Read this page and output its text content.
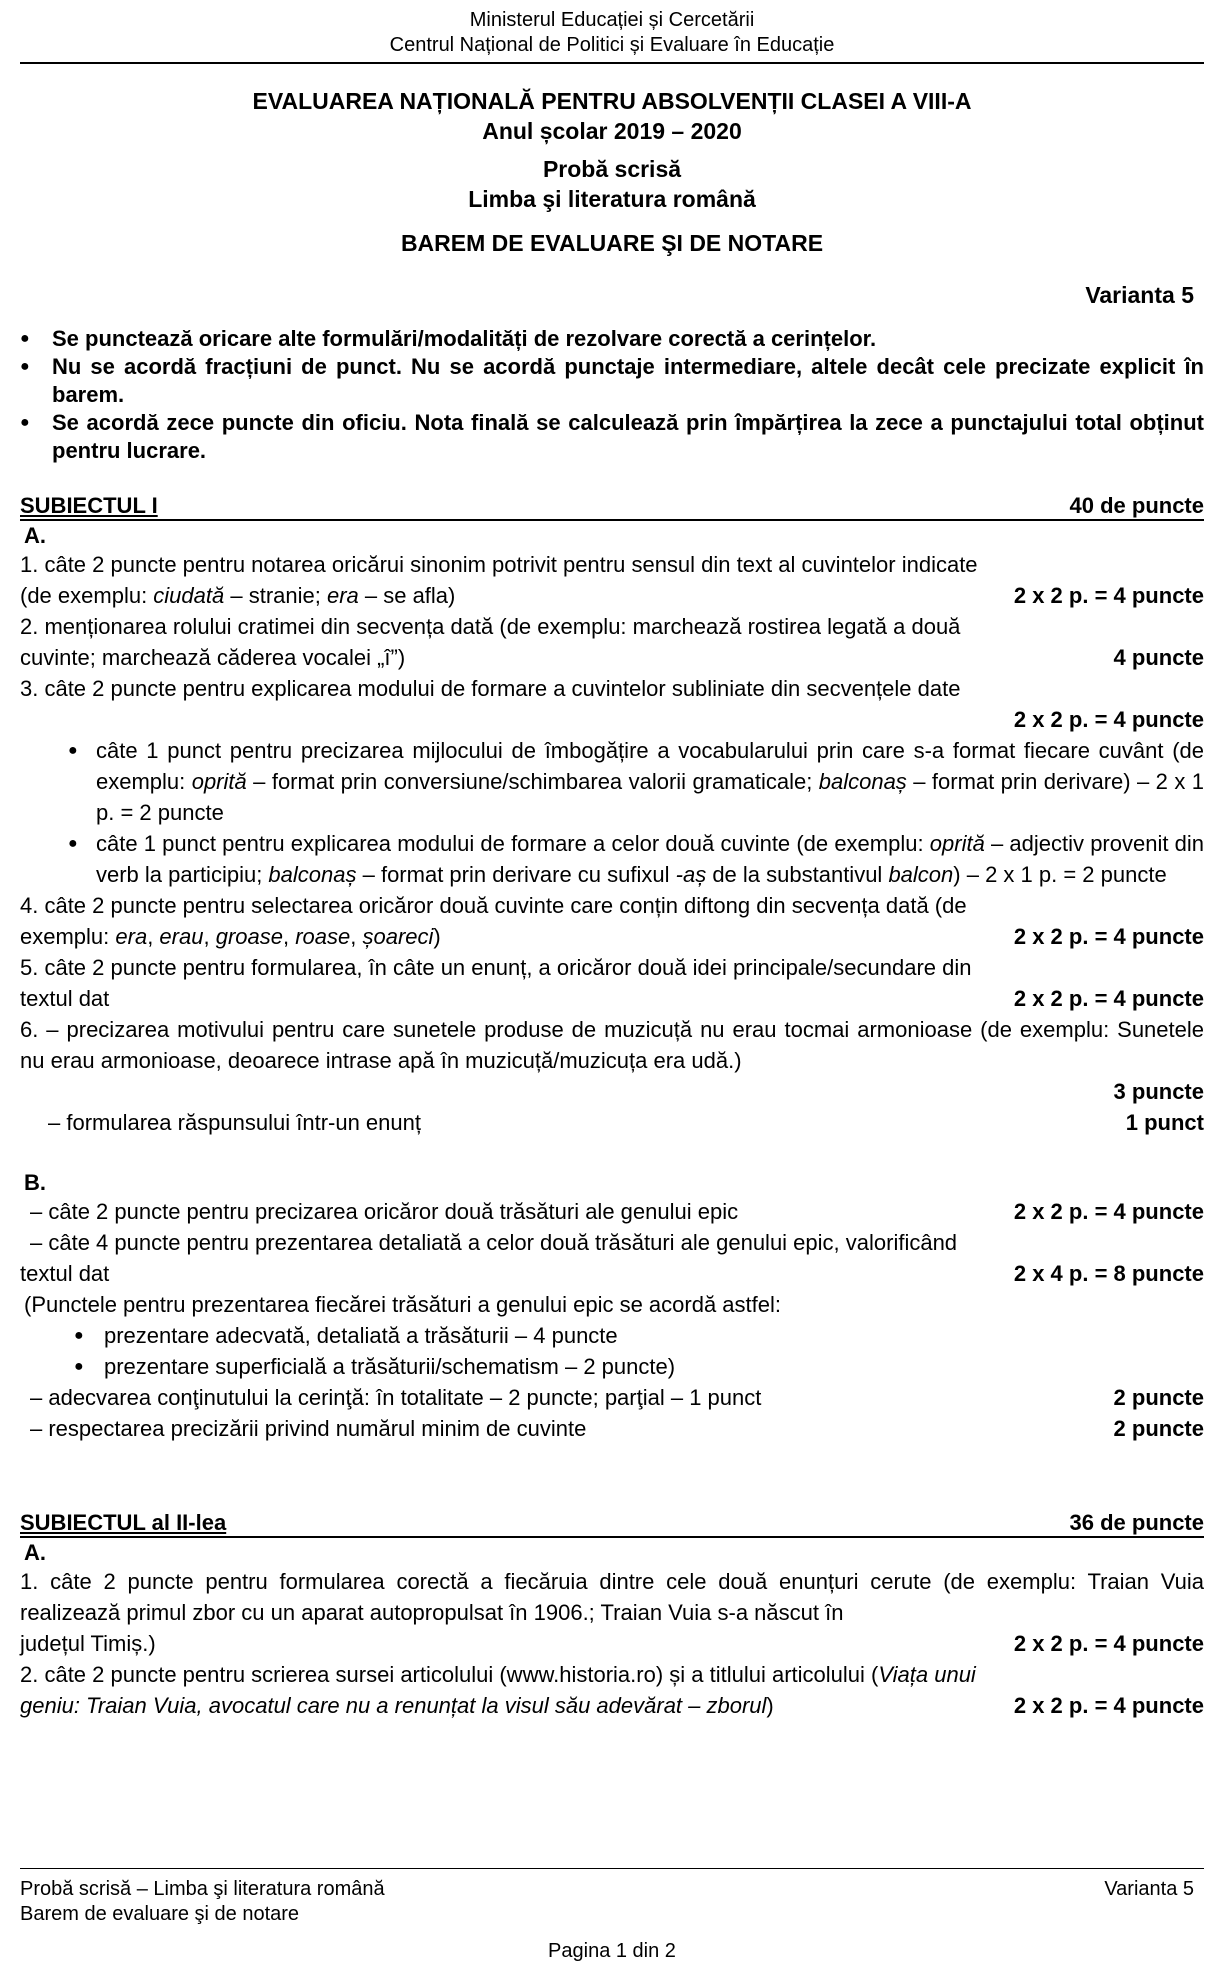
Ministerul Educației și Cercetării
Centrul Național de Politici și Evaluare în Educație
EVALUAREA NAȚIONALĂ PENTRU ABSOLVENȚII CLASEI A VIII-A
Anul școlar 2019 – 2020
Probă scrisă
Limba şi literatura română
BAREM DE EVALUARE ŞI DE NOTARE
Varianta 5
● Se punctează oricare alte formulări/modalități de rezolvare corectă a cerințelor.
● Nu se acordă fracțiuni de punct. Nu se acordă punctaje intermediare, altele decât cele precizate explicit în barem.
● Se acordă zece puncte din oficiu. Nota finală se calculează prin împărțirea la zece a punctajului total obținut pentru lucrare.
SUBIECTUL I	40 de puncte
A.
1. câte 2 puncte pentru notarea oricărui sinonim potrivit pentru sensul din text al cuvintelor indicate
(de exemplu: ciudată – stranie; era – se afla)	2 x 2 p. = 4 puncte
2. menționarea rolului cratimei din secvența dată (de exemplu: marchează rostirea legată a două
cuvinte; marchează căderea vocalei „î”)	4 puncte
3. câte 2 puncte pentru explicarea modului de formare a cuvintelor subliniate din secvențele date
2 x 2 p. = 4 puncte
● câte 1 punct pentru precizarea mijlocului de îmbogățire a vocabularului prin care s-a format fiecare cuvânt (de exemplu: oprită – format prin conversiune/schimbarea valorii gramaticale; balconaș – format prin derivare) – 2 x 1 p. = 2 puncte
● câte 1 punct pentru explicarea modului de formare a celor două cuvinte (de exemplu: oprită – adjectiv provenit din verb la participiu; balconaș – format prin derivare cu sufixul -aș de la substantivul balcon) – 2 x 1 p. = 2 puncte
4. câte 2 puncte pentru selectarea oricăror două cuvinte care conțin diftong din secvența dată (de
exemplu: era, erau, groase, roase, șoareci)	2 x 2 p. = 4 puncte
5. câte 2 puncte pentru formularea, în câte un enunț, a oricăror două idei principale/secundare din
textul dat	2 x 2 p. = 4 puncte
6. – precizarea motivului pentru care sunetele produse de muzicuță nu erau tocmai armonioase (de exemplu: Sunetele nu erau armonioase, deoarece intrase apă în muzicuță/muzicuța era udă.)
3 puncte
– formularea răspunsului într-un enunț	1 punct
B.
– câte 2 puncte pentru precizarea oricăror două trăsături ale genului epic	2 x 2 p. = 4 puncte
– câte 4 puncte pentru prezentarea detaliată a celor două trăsături ale genului epic, valorificând
textul dat	2 x 4 p. = 8 puncte
(Punctele pentru prezentarea fiecărei trăsături a genului epic se acordă astfel:
● prezentare adecvată, detaliată a trăsăturii – 4 puncte
● prezentare superficială a trăsăturii/schematism – 2 puncte)
– adecvarea conţinutului la cerinţă: în totalitate – 2 puncte; parţial – 1 punct	2 puncte
– respectarea precizării privind numărul minim de cuvinte	2 puncte
SUBIECTUL al II-lea	36 de puncte
A.
1. câte 2 puncte pentru formularea corectă a fiecăruia dintre cele două enunțuri cerute (de exemplu: Traian Vuia realizează primul zbor cu un aparat autopropulsat în 1906.; Traian Vuia s-a născut în
județul Timiș.)	2 x 2 p. = 4 puncte
2. câte 2 puncte pentru scrierea sursei articolului (www.historia.ro) și a titlului articolului (Viața unui
geniu: Traian Vuia, avocatul care nu a renunțat la visul său adevărat – zborul)	2 x 2 p. = 4 puncte
Probă scrisă – Limba şi literatura română	Varianta 5
Barem de evaluare şi de notare
Pagina 1 din 2
